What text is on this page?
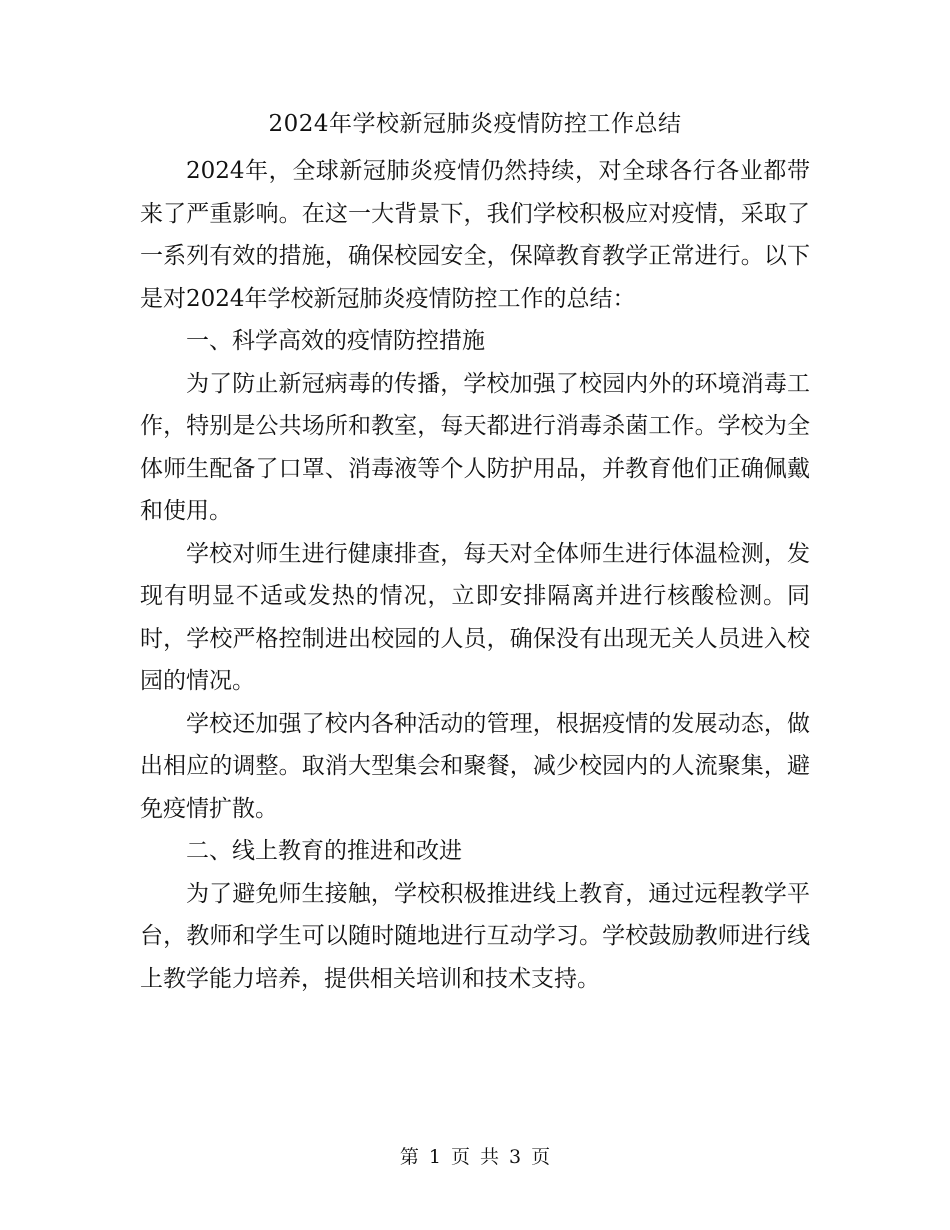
2024年学校新冠肺炎疫情防控工作总结

2024年，全球新冠肺炎疫情仍然持续，对全球各行各业都带来了严重影响。在这一大背景下，我们学校积极应对疫情，采取了一系列有效的措施，确保校园安全，保障教育教学正常进行。以下是对2024年学校新冠肺炎疫情防控工作的总结：

一、科学高效的疫情防控措施

为了防止新冠病毒的传播，学校加强了校园内外的环境消毒工作，特别是公共场所和教室，每天都进行消毒杀菌工作。学校为全体师生配备了口罩、消毒液等个人防护用品，并教育他们正确佩戴和使用。

学校对师生进行健康排查，每天对全体师生进行体温检测，发现有明显不适或发热的情况，立即安排隔离并进行核酸检测。同时，学校严格控制进出校园的人员，确保没有出现无关人员进入校园的情况。

学校还加强了校内各种活动的管理，根据疫情的发展动态，做出相应的调整。取消大型集会和聚餐，减少校园内的人流聚集，避免疫情扩散。

二、线上教育的推进和改进

为了避免师生接触，学校积极推进线上教育，通过远程教学平台，教师和学生可以随时随地进行互动学习。学校鼓励教师进行线上教学能力培养，提供相关培训和技术支持。

第 1 页 共 3 页
